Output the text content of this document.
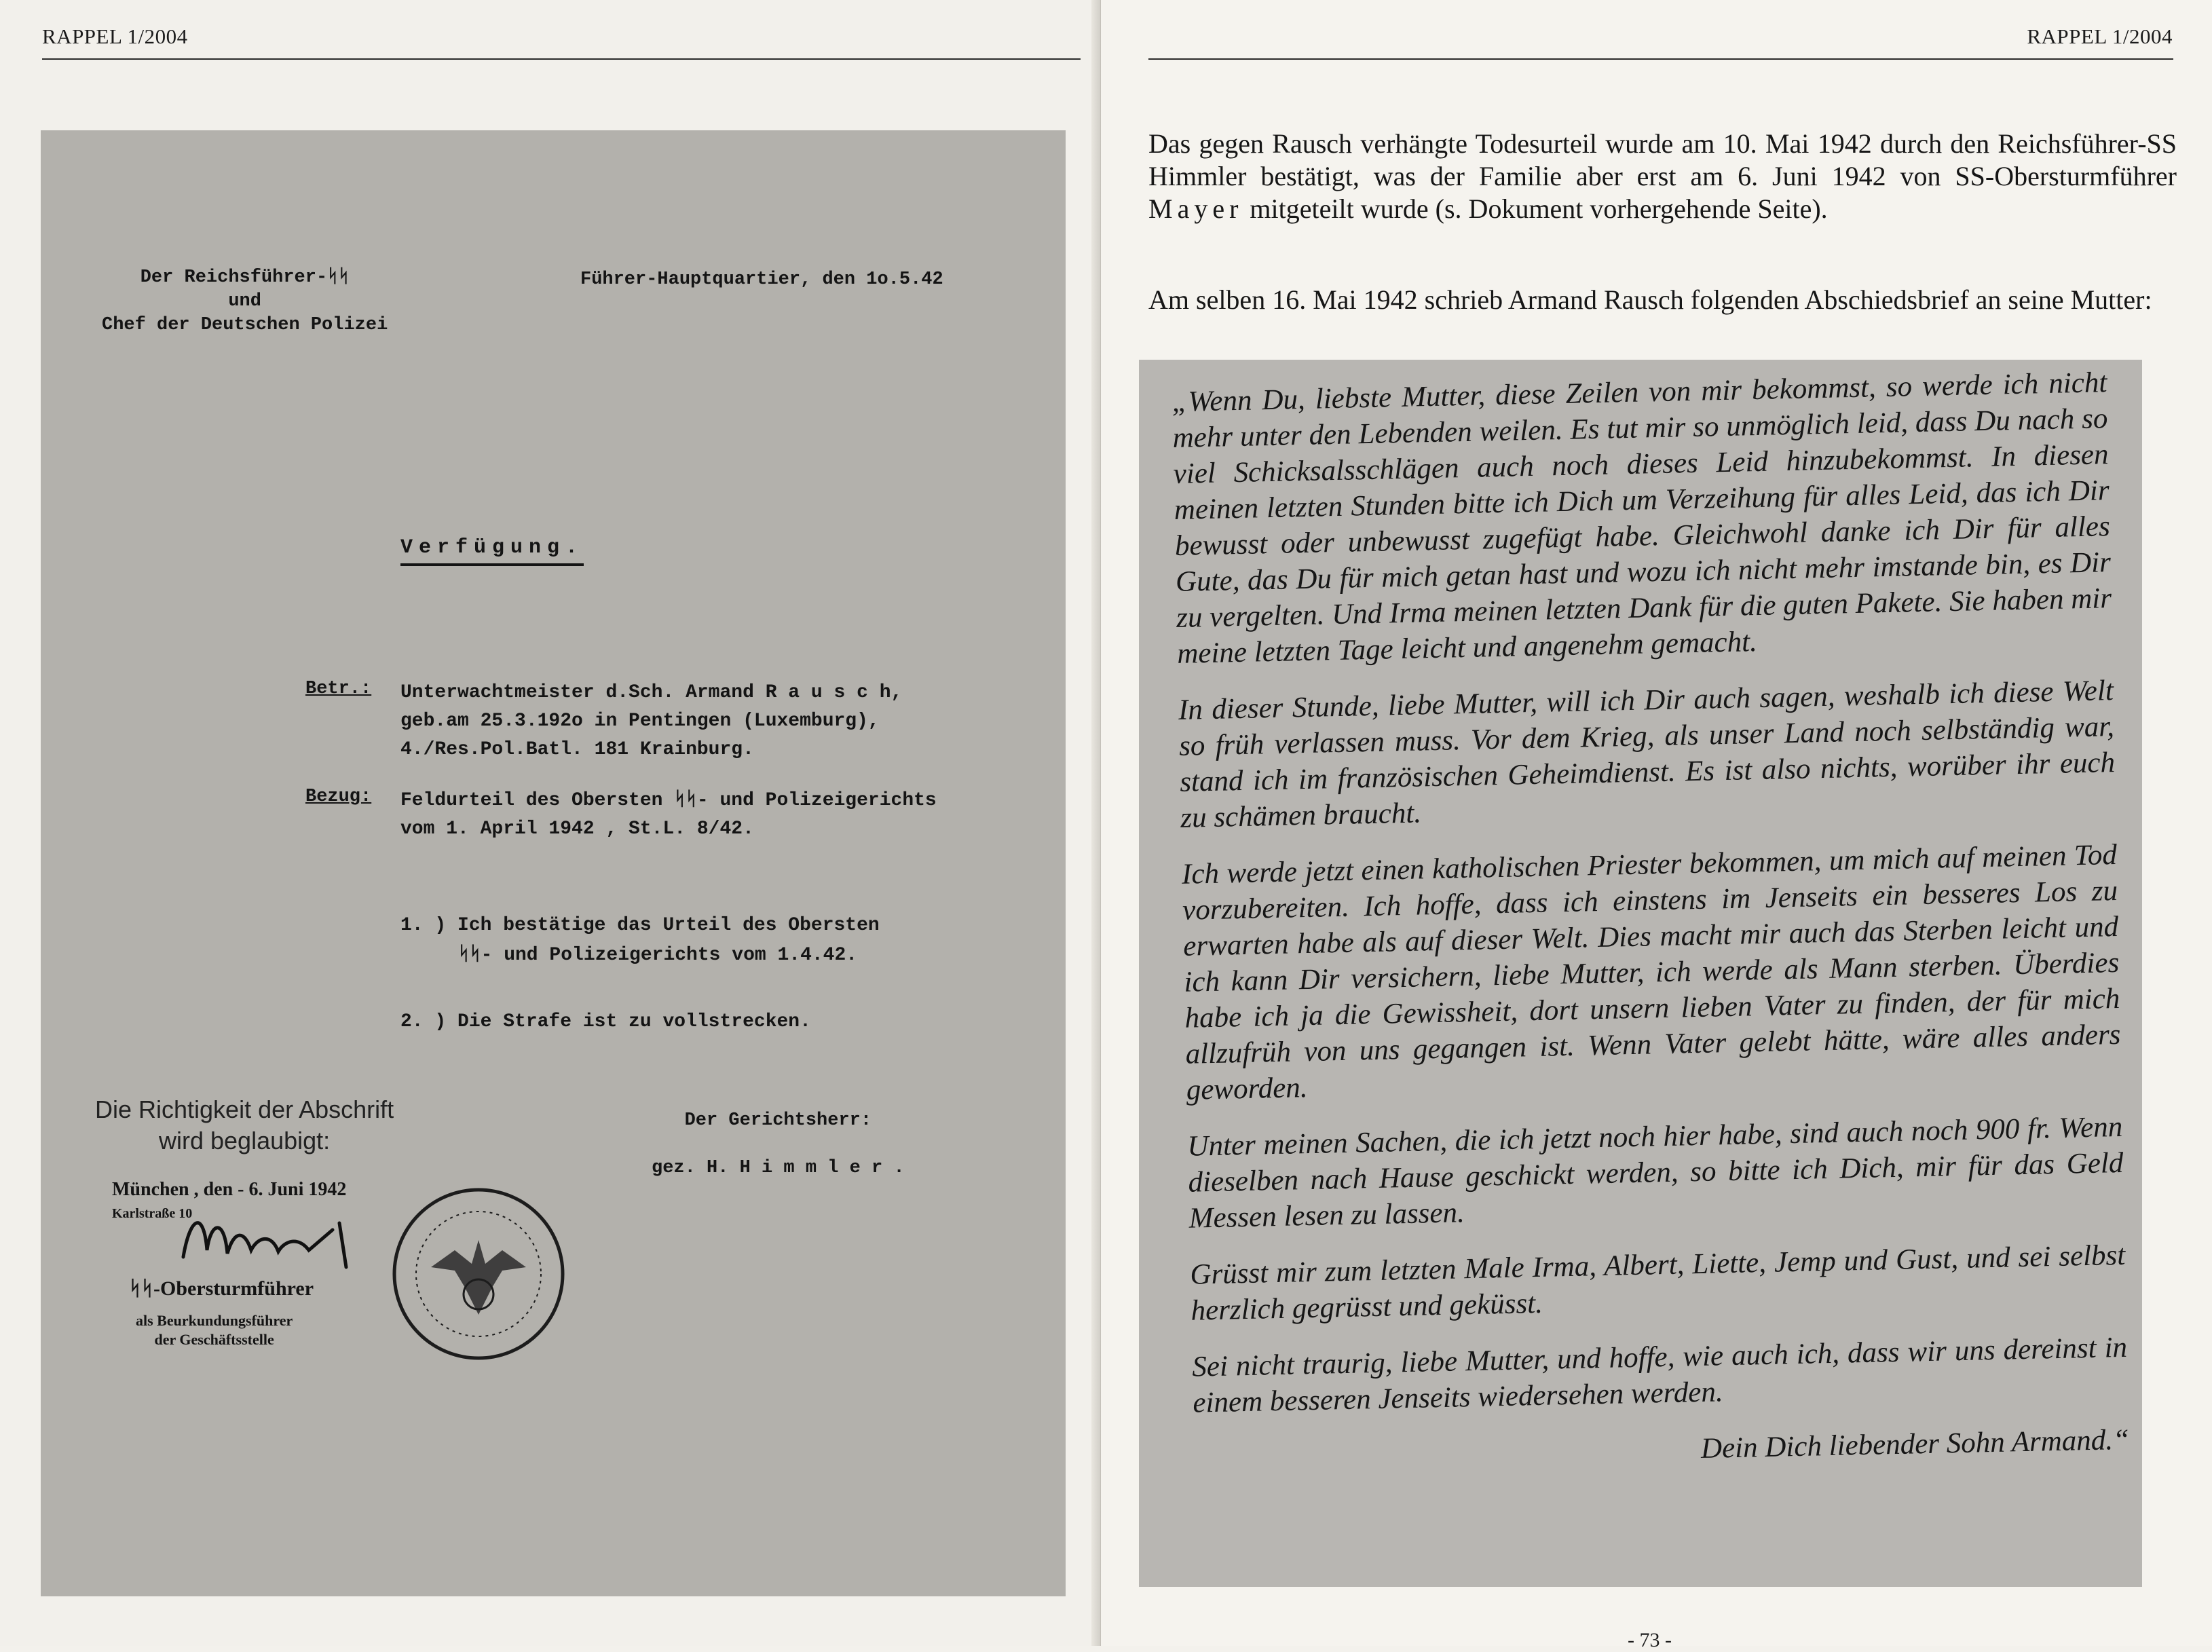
RAPPEL 1/2004
Der Reichsführer-ᛋᛋ
und
Chef der Deutschen Polizei
Führer-Hauptquartier, den 1o.5.42
Verfügung.
Betr.: Unterwachtmeister d.Sch. Armand R a u s c h,
geb.am 25.3.192o in Pentingen (Luxemburg),
4./Res.Pol.Batl. 181 Krainburg.
Bezug: Feldurteil des Obersten ᛋᛋ- und Polizeigerichts
vom 1. April 1942 , St.L. 8/42.
1. ) Ich bestätige das Urteil des Obersten
ᛋᛋ- und Polizeigerichts vom 1.4.42.
2. ) Die Strafe ist zu vollstrecken.
Der Gerichtsherr:
gez. H. H i m m l e r .
Die Richtigkeit der Abschrift
wird beglaubigt:
München , den - 6. Juni 1942
Karlstraße 10
ᛋᛋ-Obersturmführer
als Beurkundungsführer
der Geschäftsstelle
RAPPEL 1/2004
Das gegen Rausch verhängte Todesurteil wurde am 10. Mai 1942 durch den Reichsführer-SS Himmler bestätigt, was der Familie aber erst am 6. Juni 1942 von SS-Obersturmführer Mayer mitgeteilt wurde (s. Dokument vorhergehende Seite).
Am selben 16. Mai 1942 schrieb Armand Rausch folgenden Abschiedsbrief an seine Mutter:

„Wenn Du, liebste Mutter, diese Zeilen von mir bekommst, so werde ich nicht mehr unter den Lebenden weilen. Es tut mir so unmöglich leid, dass Du nach so viel Schicksalsschlägen auch noch dieses Leid hinzubekommst. In diesen meinen letzten Stunden bitte ich Dich um Verzeihung für alles Leid, das ich Dir bewusst oder unbewusst zugefügt habe. Gleichwohl danke ich Dir für alles Gute, das Du für mich getan hast und wozu ich nicht mehr imstande bin, es Dir zu vergelten. Und Irma meinen letzten Dank für die guten Pakete. Sie haben mir meine letzten Tage leicht und angenehm gemacht.

In dieser Stunde, liebe Mutter, will ich Dir auch sagen, weshalb ich diese Welt so früh verlassen muss. Vor dem Krieg, als unser Land noch selbständig war, stand ich im französischen Geheimdienst. Es ist also nichts, worüber ihr euch zu schämen braucht.

Ich werde jetzt einen katholischen Priester bekommen, um mich auf meinen Tod vorzubereiten. Ich hoffe, dass ich einstens im Jenseits ein besseres Los zu erwarten habe als auf dieser Welt. Dies macht mir auch das Sterben leicht und ich kann Dir versichern, liebe Mutter, ich werde als Mann sterben. Überdies habe ich ja die Gewissheit, dort unsern lieben Vater zu finden, der für mich allzufrüh von uns gegangen ist. Wenn Vater gelebt hätte, wäre alles anders geworden.

Unter meinen Sachen, die ich jetzt noch hier habe, sind auch noch 900 fr. Wenn dieselben nach Hause geschickt werden, so bitte ich Dich, mir für das Geld Messen lesen zu lassen.

Grüsst mir zum letzten Male Irma, Albert, Liette, Jemp und Gust, und sei selbst herzlich gegrüsst und geküsst.

Sei nicht traurig, liebe Mutter, und hoffe, wie auch ich, dass wir uns dereinst in einem besseren Jenseits wiedersehen werden.

Dein Dich liebender Sohn Armand.“

- 73 -
